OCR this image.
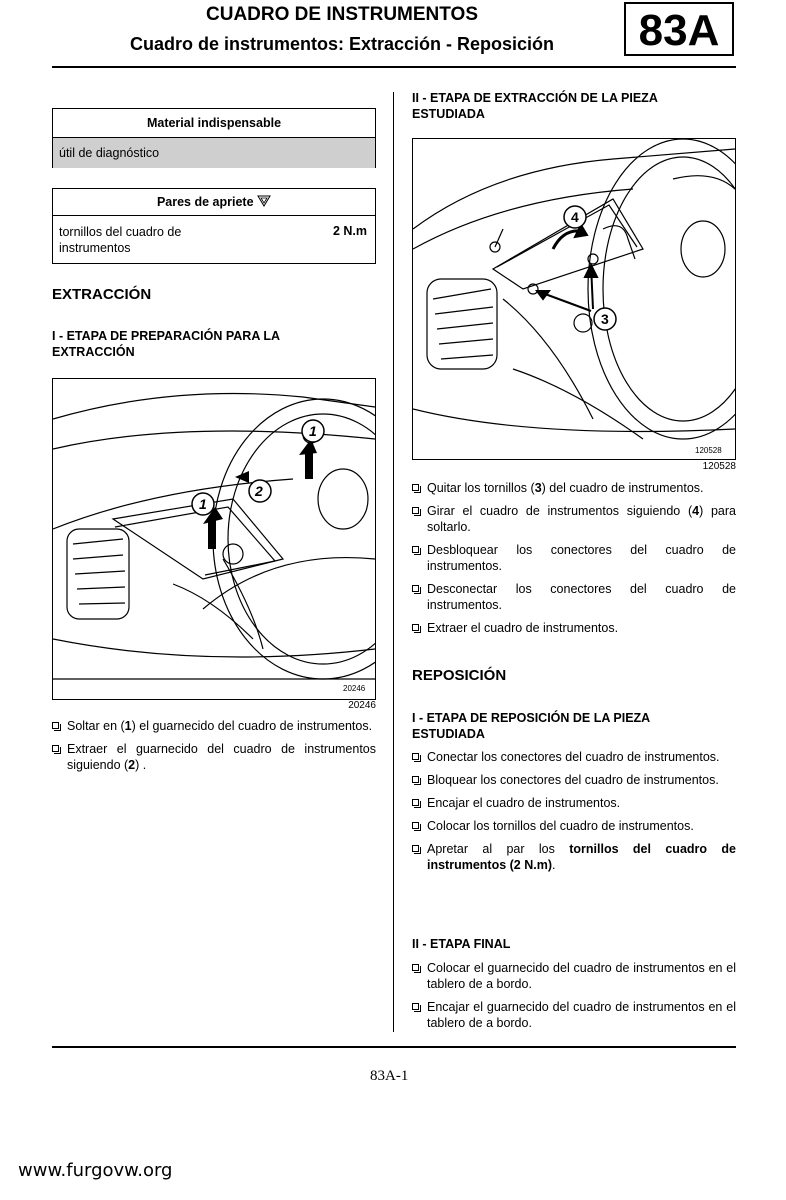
CUADRO DE INSTRUMENTOS
Cuadro de instrumentos: Extracción - Reposición	83A
Material indispensable
útil de diagnóstico
Pares de apriete
tornillos del cuadro de instrumentos
2 N.m
EXTRACCIÓN
I - ETAPA DE PREPARACIÓN PARA LA EXTRACCIÓN
1
2
1
20246
20246
Soltar en (1) el guarnecido del cuadro de instrumentos.
Extraer el guarnecido del cuadro de instrumentos siguiendo (2) .
II - ETAPA DE EXTRACCIÓN DE LA PIEZA ESTUDIADA
4
3
120528
120528
Quitar los tornillos (3) del cuadro de instrumentos.
Girar el cuadro de instrumentos siguiendo (4) para soltarlo.
Desbloquear los conectores del cuadro de instrumentos.
Desconectar los conectores del cuadro de instrumentos.
Extraer el cuadro de instrumentos.
REPOSICIÓN
I - ETAPA DE REPOSICIÓN DE LA PIEZA ESTUDIADA
Conectar los conectores del cuadro de instrumentos.
Bloquear los conectores del cuadro de instrumentos.
Encajar el cuadro de instrumentos.
Colocar los tornillos del cuadro de instrumentos.
Apretar al par los tornillos del cuadro de instrumentos (2 N.m).
II - ETAPA FINAL
Colocar el guarnecido del cuadro de instrumentos en el tablero de a bordo.
Encajar el guarnecido del cuadro de instrumentos en el tablero de a bordo.
83A-1
www.furgovw.org
